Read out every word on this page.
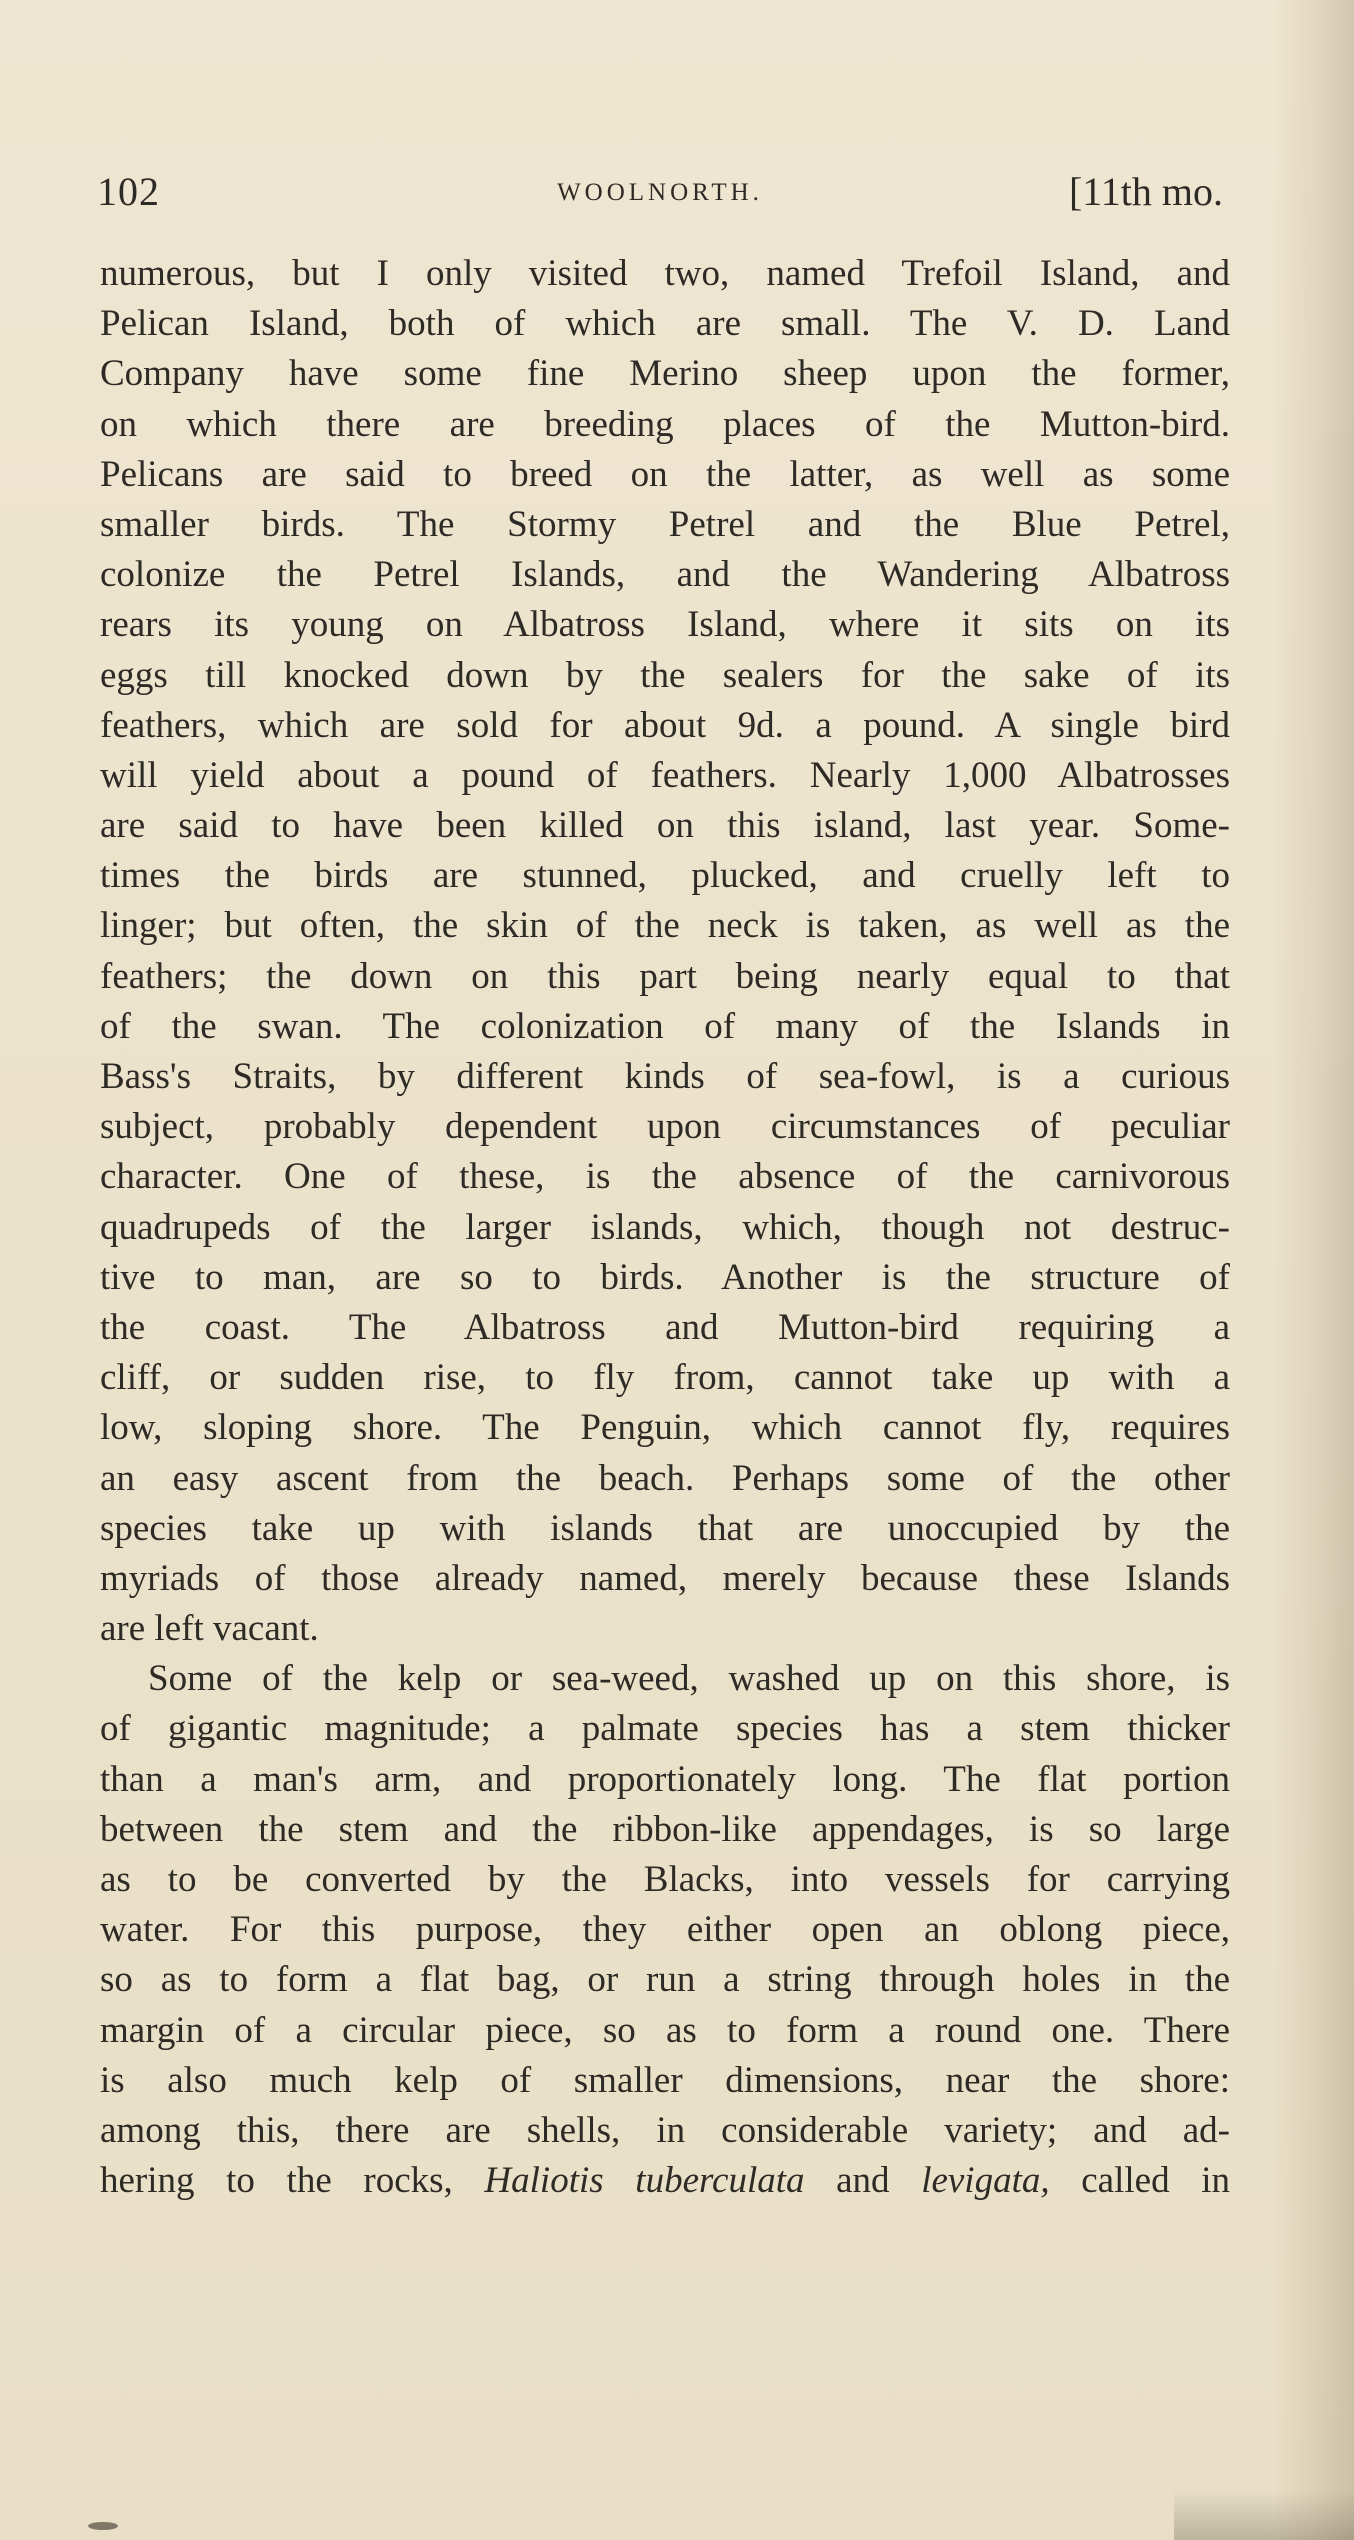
102	WOOLNORTH.	[11th mo.
numerous, but I only visited two, named Trefoil Island, and
Pelican Island, both of which are small. The V. D. Land
Company have some fine Merino sheep upon the former,
on which there are breeding places of the Mutton-bird.
Pelicans are said to breed on the latter, as well as some
smaller birds. The Stormy Petrel and the Blue Petrel,
colonize the Petrel Islands, and the Wandering Albatross
rears its young on Albatross Island, where it sits on its
eggs till knocked down by the sealers for the sake of its
feathers, which are sold for about 9d. a pound. A single bird
will yield about a pound of feathers. Nearly 1,000 Albatrosses
are said to have been killed on this island, last year. Some-
times the birds are stunned, plucked, and cruelly left to
linger; but often, the skin of the neck is taken, as well as the
feathers; the down on this part being nearly equal to that
of the swan. The colonization of many of the Islands in
Bass's Straits, by different kinds of sea-fowl, is a curious
subject, probably dependent upon circumstances of peculiar
character. One of these, is the absence of the carnivorous
quadrupeds of the larger islands, which, though not destruc-
tive to man, are so to birds. Another is the structure of
the coast. The Albatross and Mutton-bird requiring a
cliff, or sudden rise, to fly from, cannot take up with a
low, sloping shore. The Penguin, which cannot fly, requires
an easy ascent from the beach. Perhaps some of the other
species take up with islands that are unoccupied by the
myriads of those already named, merely because these Islands
are left vacant.
Some of the kelp or sea-weed, washed up on this shore, is
of gigantic magnitude; a palmate species has a stem thicker
than a man's arm, and proportionately long. The flat portion
between the stem and the ribbon-like appendages, is so large
as to be converted by the Blacks, into vessels for carrying
water. For this purpose, they either open an oblong piece,
so as to form a flat bag, or run a string through holes in the
margin of a circular piece, so as to form a round one. There
is also much kelp of smaller dimensions, near the shore:
among this, there are shells, in considerable variety; and ad-
hering to the rocks, Haliotis tuberculata and levigata, called in
